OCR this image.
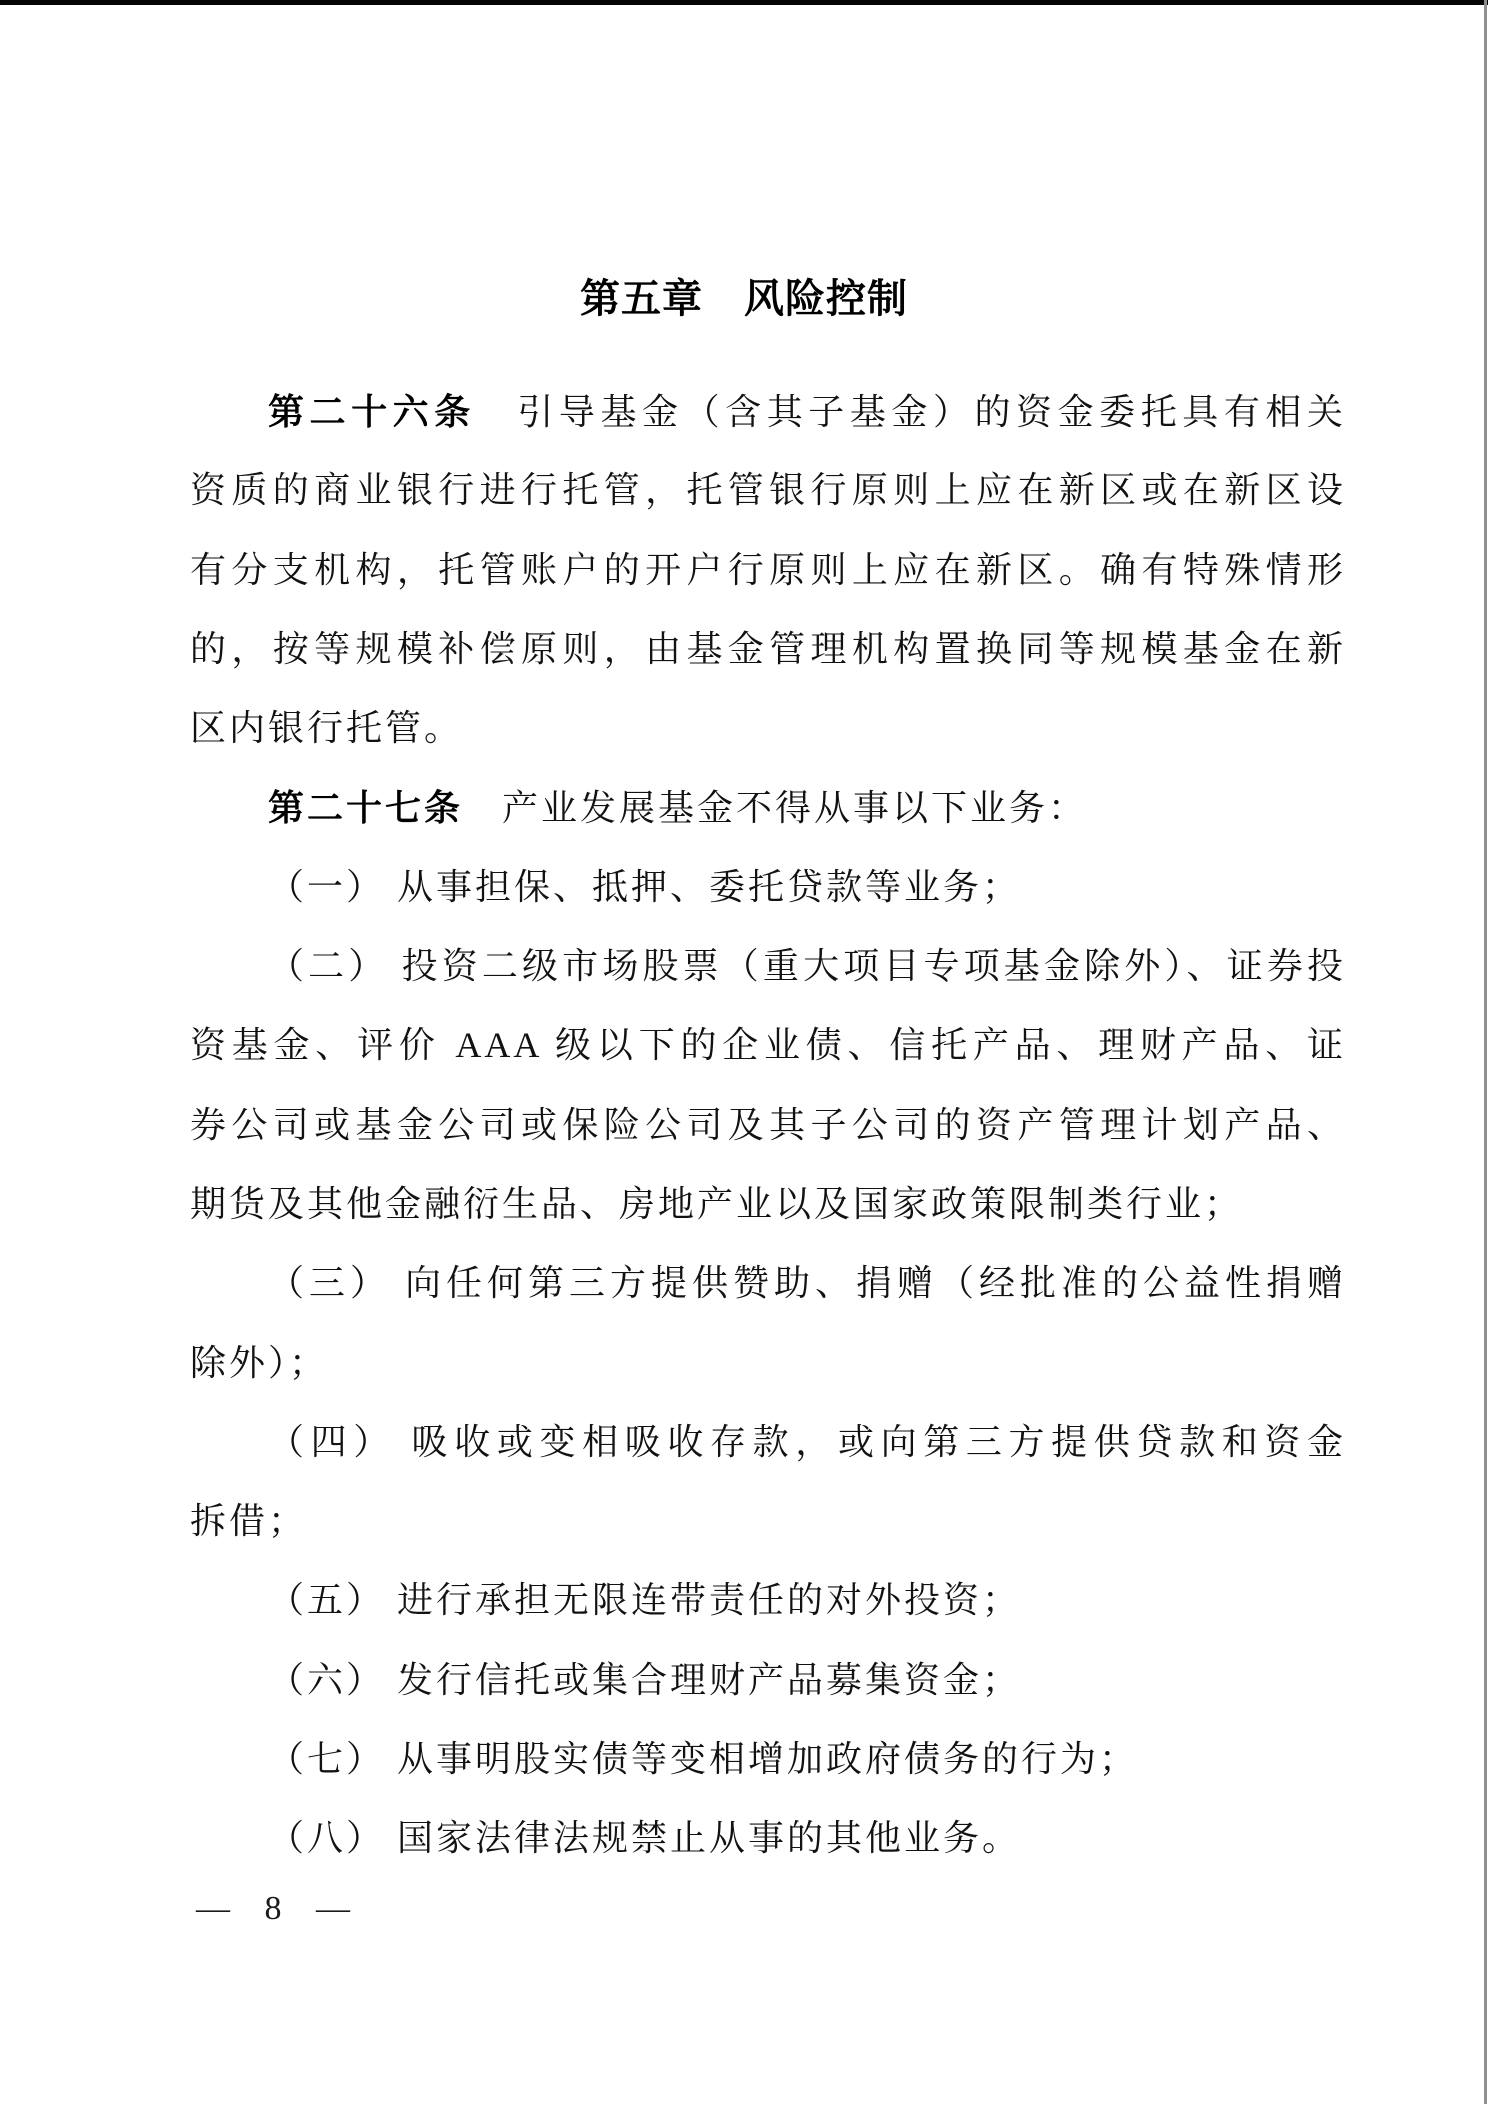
第五章　风险控制
第二十六条　引导基金（含其子基金）的资金委托具有相关
资质的商业银行进行托管，托管银行原则上应在新区或在新区设
有分支机构，托管账户的开户行原则上应在新区。确有特殊情形
的，按等规模补偿原则，由基金管理机构置换同等规模基金在新
区内银行托管。
第二十七条　产业发展基金不得从事以下业务：
（一） 从事担保、抵押、委托贷款等业务；
（二） 投资二级市场股票（重大项目专项基金除外）、证券投
资基金、评价 AAA 级以下的企业债、信托产品、理财产品、证
券公司或基金公司或保险公司及其子公司的资产管理计划产品、
期货及其他金融衍生品、房地产业以及国家政策限制类行业；
（三） 向任何第三方提供赞助、捐赠（经批准的公益性捐赠
除外）；
（四） 吸收或变相吸收存款，或向第三方提供贷款和资金
拆借；
（五） 进行承担无限连带责任的对外投资；
（六） 发行信托或集合理财产品募集资金；
（七） 从事明股实债等变相增加政府债务的行为；
（八） 国家法律法规禁止从事的其他业务。
— 8 —
